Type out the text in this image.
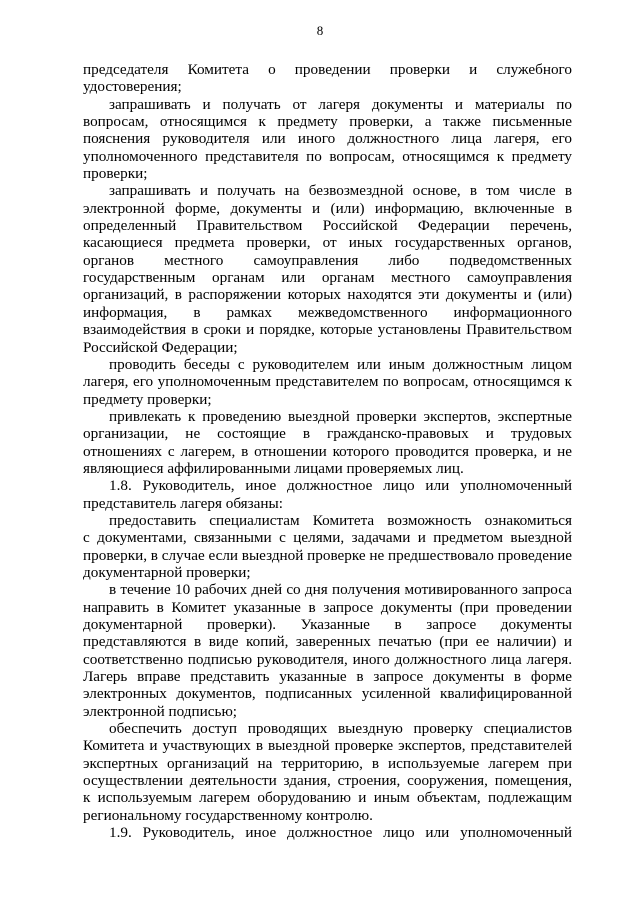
8
председателя Комитета о проведении проверки и служебного
удостоверения;
запрашивать и получать от лагеря документы и материалы по
вопросам, относящимся к предмету проверки, а также письменные
пояснения руководителя или иного должностного лица лагеря, его
уполномоченного представителя по вопросам, относящимся к предмету
проверки;
запрашивать и получать на безвозмездной основе, в том числе в
электронной форме, документы и (или) информацию, включенные в
определенный Правительством Российской Федерации перечень,
касающиеся предмета проверки, от иных государственных органов,
органов местного самоуправления либо подведомственных
государственным органам или органам местного самоуправления
организаций, в распоряжении которых находятся эти документы и (или)
информация, в рамках межведомственного информационного
взаимодействия в сроки и порядке, которые установлены Правительством
Российской Федерации;
проводить беседы с руководителем или иным должностным лицом
лагеря, его уполномоченным представителем по вопросам, относящимся к
предмету проверки;
привлекать к проведению выездной проверки экспертов, экспертные
организации, не состоящие в гражданско-правовых и трудовых
отношениях с лагерем, в отношении которого проводится проверка, и не
являющиеся аффилированными лицами проверяемых лиц.
1.8. Руководитель, иное должностное лицо или уполномоченный
представитель лагеря обязаны:
предоставить специалистам Комитета возможность ознакомиться
с документами, связанными с целями, задачами и предметом выездной
проверки, в случае если выездной проверке не предшествовало проведение
документарной проверки;
в течение 10 рабочих дней со дня получения мотивированного запроса
направить в Комитет указанные в запросе документы (при проведении
документарной проверки). Указанные в запросе документы
представляются в виде копий, заверенных печатью (при ее наличии) и
соответственно подписью руководителя, иного должностного лица лагеря.
Лагерь вправе представить указанные в запросе документы в форме
электронных документов, подписанных усиленной квалифицированной
электронной подписью;
обеспечить доступ проводящих выездную проверку специалистов
Комитета и участвующих в выездной проверке экспертов, представителей
экспертных организаций на территорию, в используемые лагерем при
осуществлении деятельности здания, строения, сооружения, помещения,
к используемым лагерем оборудованию и иным объектам, подлежащим
региональному государственному контролю.
1.9. Руководитель, иное должностное лицо или уполномоченный
